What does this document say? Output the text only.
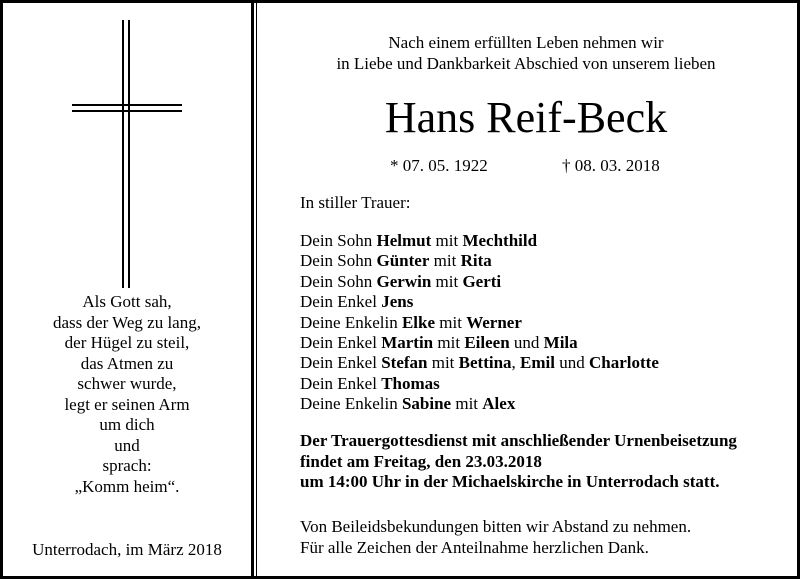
Als Gott sah,
dass der Weg zu lang,
der Hügel zu steil,
das Atmen zu
schwer wurde,
legt er seinen Arm
um dich
und
sprach:
„Komm heim“.
Unterrodach, im März 2018
Nach einem erfüllten Leben nehmen wir
in Liebe und Dankbarkeit Abschied von unserem lieben
Hans Reif-Beck
* 07. 05. 1922	† 08. 03. 2018
In stiller Trauer:
Dein Sohn Helmut mit Mechthild
Dein Sohn Günter mit Rita
Dein Sohn Gerwin mit Gerti
Dein Enkel Jens
Deine Enkelin Elke mit Werner
Dein Enkel Martin mit Eileen und Mila
Dein Enkel Stefan mit Bettina, Emil und Charlotte
Dein Enkel Thomas
Deine Enkelin Sabine mit Alex
Der Trauergottesdienst mit anschließender Urnenbeisetzung
findet am Freitag, den 23.03.2018
um 14:00 Uhr in der Michaelskirche in Unterrodach statt.
Von Beileidsbekundungen bitten wir Abstand zu nehmen.
Für alle Zeichen der Anteilnahme herzlichen Dank.
